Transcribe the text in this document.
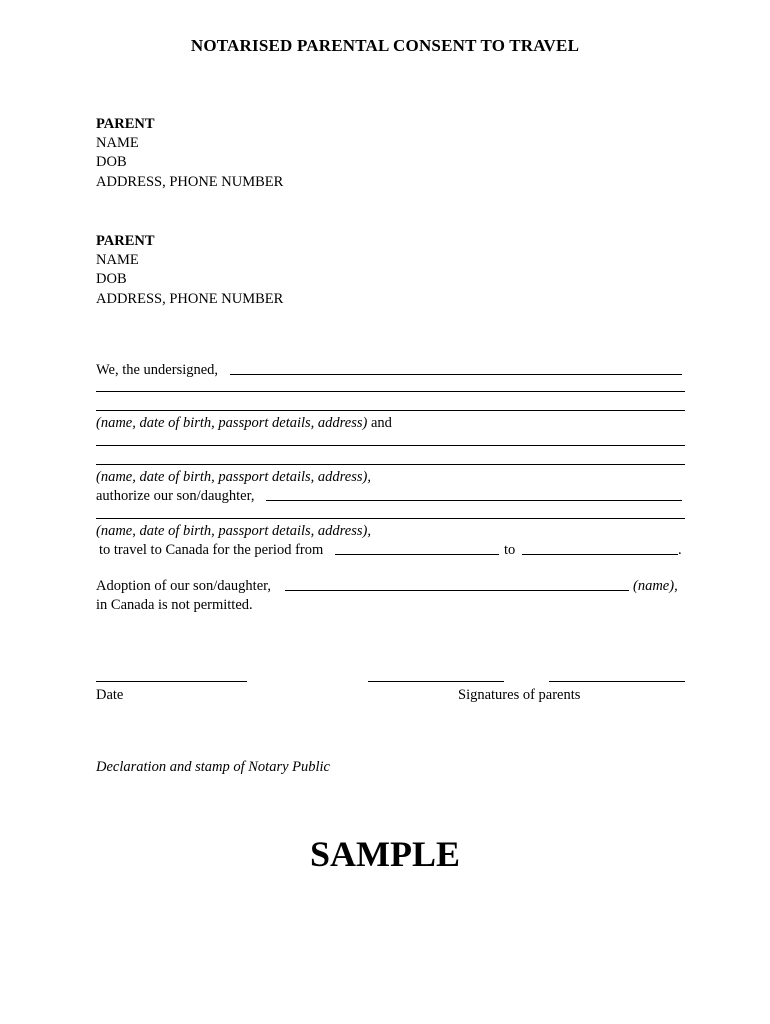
NOTARISED PARENTAL CONSENT TO TRAVEL
PARENT
NAME
DOB
ADDRESS, PHONE NUMBER
PARENT
NAME
DOB
ADDRESS, PHONE NUMBER
We, the undersigned,
(name, date of birth, passport details, address) and
(name, date of birth, passport details, address),
authorize our son/daughter,
(name, date of birth, passport details, address),
to travel to Canada for the period from	to	.
Adoption of our son/daughter,	(name),
in Canada is not permitted.
Date	Signatures of parents
Declaration and stamp of Notary Public
SAMPLE
